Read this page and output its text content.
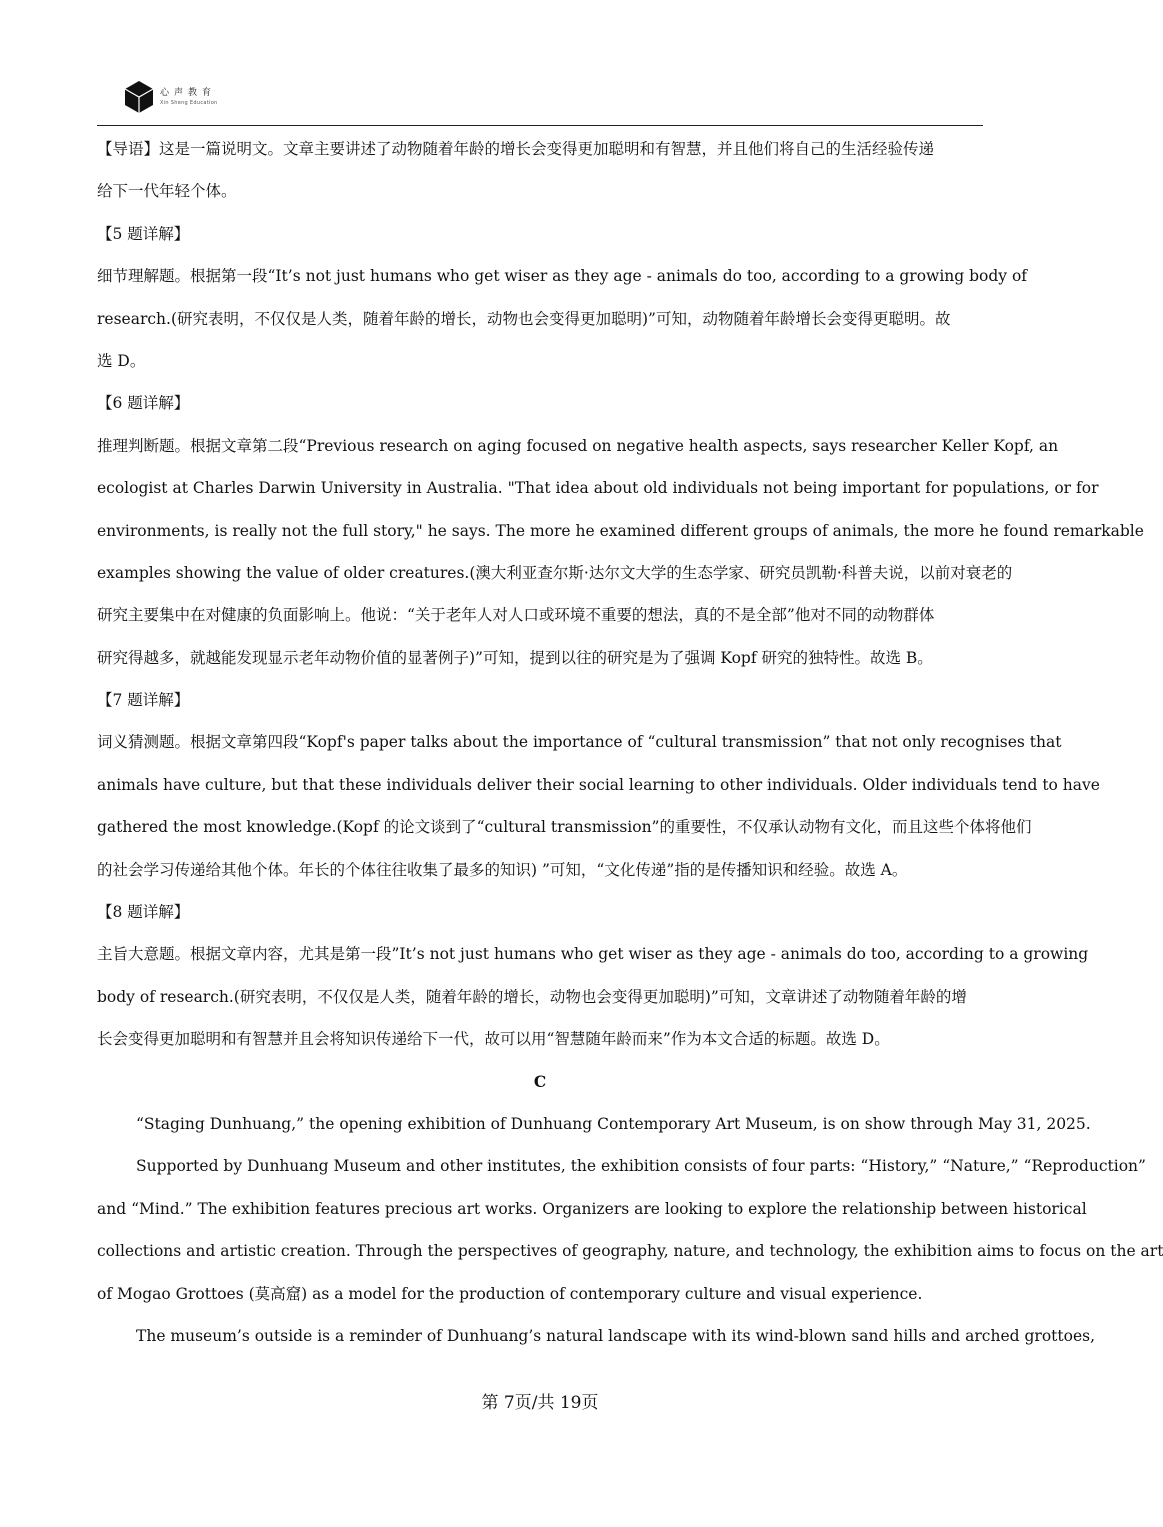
心声教育
Xin Sheng Education
【导语】这是一篇说明文。文章主要讲述了动物随着年龄的增长会变得更加聪明和有智慧，并且他们将自己的生活经验传递
给下一代年轻个体。
【5 题详解】
细节理解题。根据第一段“It’s not just humans who get wiser as they age - animals do too, according to a growing body of
research.(研究表明，不仅仅是人类，随着年龄的增长，动物也会变得更加聪明)”可知，动物随着年龄增长会变得更聪明。故
选 D。
【6 题详解】
推理判断题。根据文章第二段“Previous research on aging focused on negative health aspects, says researcher Keller Kopf, an
ecologist at Charles Darwin University in Australia. "That idea about old individuals not being important for populations, or for
environments, is really not the full story," he says. The more he examined different groups of animals, the more he found remarkable
examples showing the value of older creatures.(澳大利亚查尔斯·达尔文大学的生态学家、研究员凯勒·科普夫说，以前对衰老的
研究主要集中在对健康的负面影响上。他说：“关于老年人对人口或环境不重要的想法，真的不是全部”他对不同的动物群体
研究得越多，就越能发现显示老年动物价值的显著例子)”可知，提到以往的研究是为了强调 Kopf 研究的独特性。故选 B。
【7 题详解】
词义猜测题。根据文章第四段“Kopf's paper talks about the importance of “cultural transmission” that not only recognises that
animals have culture, but that these individuals deliver their social learning to other individuals. Older individuals tend to have
gathered the most knowledge.(Kopf 的论文谈到了“cultural transmission”的重要性，不仅承认动物有文化，而且这些个体将他们
的社会学习传递给其他个体。年长的个体往往收集了最多的知识) ”可知，“文化传递”指的是传播知识和经验。故选 A。
【8 题详解】
主旨大意题。根据文章内容，尤其是第一段”It’s not just humans who get wiser as they age - animals do too, according to a growing
body of research.(研究表明，不仅仅是人类，随着年龄的增长，动物也会变得更加聪明)”可知，文章讲述了动物随着年龄的增
长会变得更加聪明和有智慧并且会将知识传递给下一代，故可以用“智慧随年龄而来”作为本文合适的标题。故选 D。
C
“Staging Dunhuang,” the opening exhibition of Dunhuang Contemporary Art Museum, is on show through May 31, 2025.
Supported by Dunhuang Museum and other institutes, the exhibition consists of four parts: “History,” “Nature,” “Reproduction”
and “Mind.” The exhibition features precious art works. Organizers are looking to explore the relationship between historical
collections and artistic creation. Through the perspectives of geography, nature, and technology, the exhibition aims to focus on the art
of Mogao Grottoes (莫高窟) as a model for the production of contemporary culture and visual experience.
The museum’s outside is a reminder of Dunhuang’s natural landscape with its wind-blown sand hills and arched grottoes,
第 7页/共 19页
